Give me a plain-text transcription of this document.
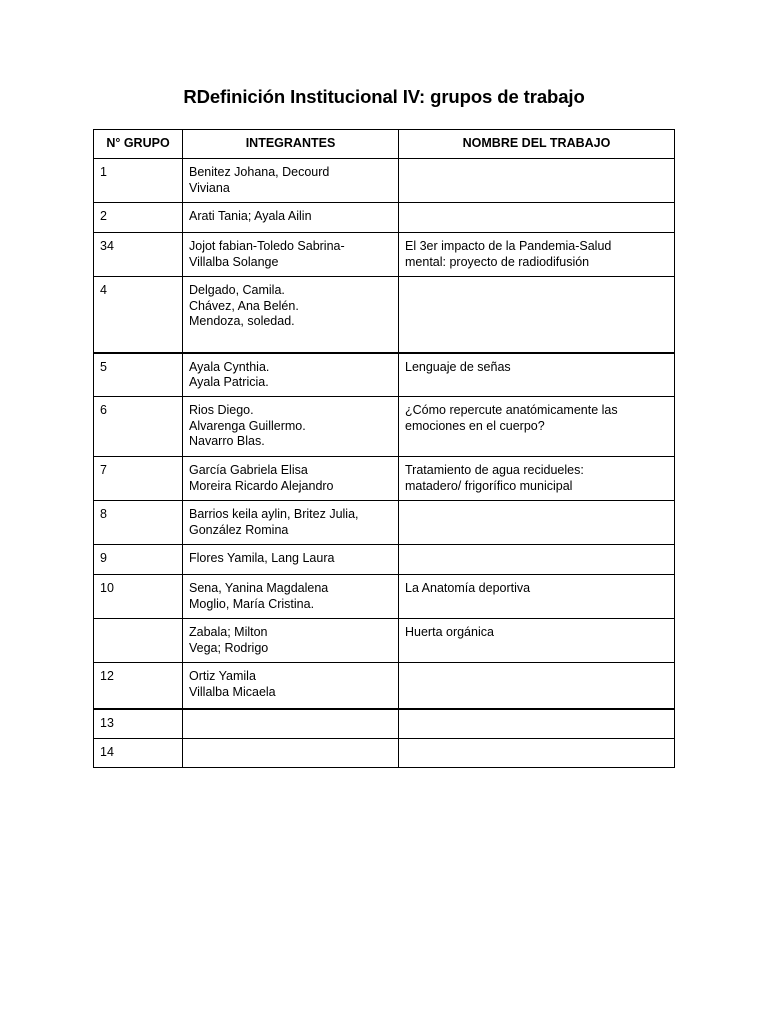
RDefinición Institucional IV: grupos de trabajo
N° GRUPO	INTEGRANTES	NOMBRE DEL TRABAJO

1	Benitez Johana, Decourd
Viviana	

2	Arati Tania; Ayala Ailin	

34	Jojot fabian-Toledo Sabrina-
Villalba Solange	El 3er impacto de la Pandemia-Salud
mental: proyecto de radiodifusión

4	Delgado, Camila.
Chávez, Ana Belén.
Mendoza, soledad.	

5	Ayala Cynthia.
Ayala Patricia.	Lenguaje de señas

6	Rios Diego.
Alvarenga Guillermo.
Navarro Blas.	¿Cómo repercute anatómicamente las
emociones en el cuerpo?

7	García Gabriela Elisa
Moreira Ricardo Alejandro	Tratamiento de agua recidueles:
matadero/ frigorífico municipal

8	Barrios keila aylin, Britez Julia,
González Romina	

9	Flores Yamila, Lang Laura	

10	Sena, Yanina Magdalena
Moglio, María Cristina.	La Anatomía deportiva

	Zabala; Milton
Vega; Rodrigo	Huerta orgánica

12	Ortiz Yamila
Villalba Micaela	

13		

14		
